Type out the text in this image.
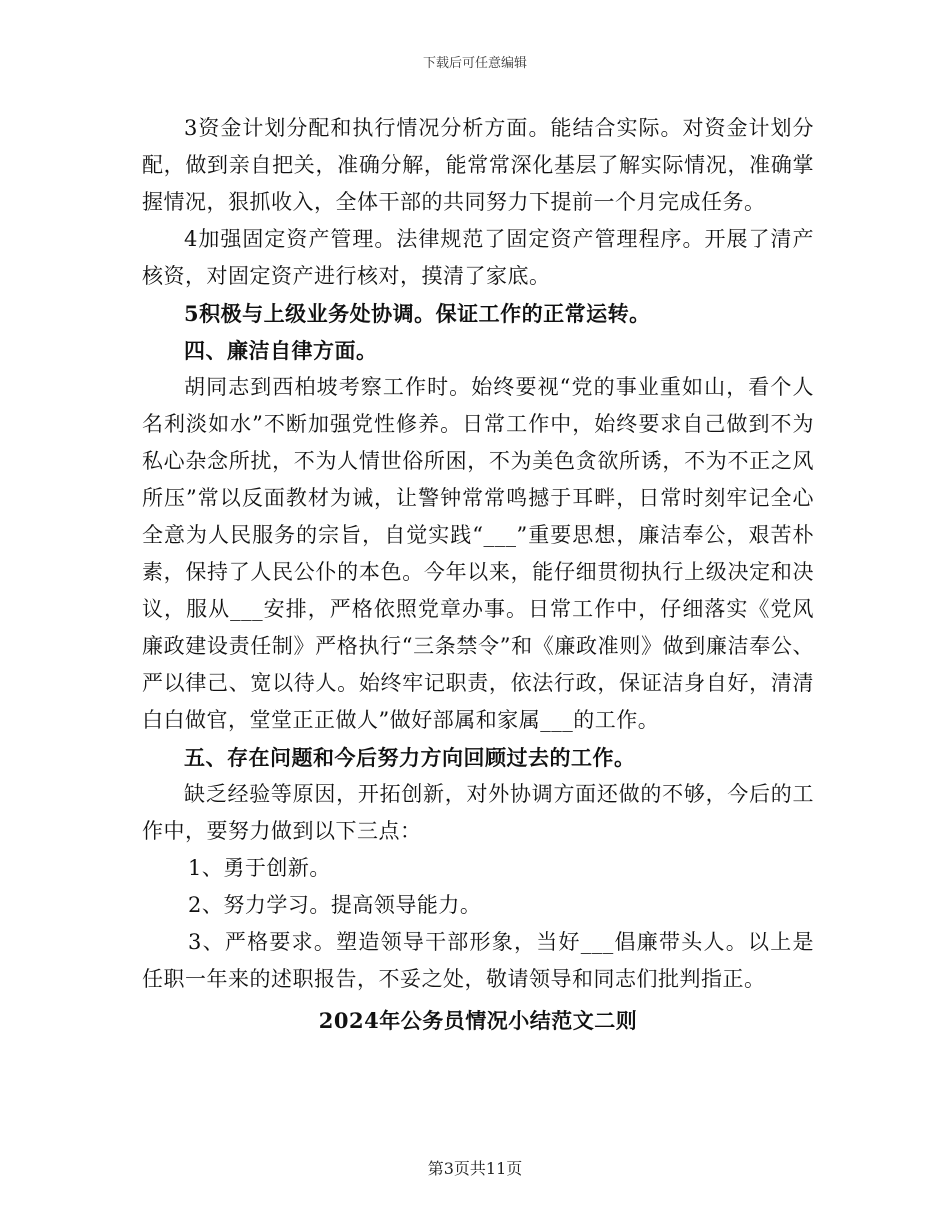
下载后可任意编辑

3资金计划分配和执行情况分析方面。能结合实际。对资金计划分配，做到亲自把关，准确分解，能常常深化基层了解实际情况，准确掌握情况，狠抓收入，全体干部的共同努力下提前一个月完成任务。

4加强固定资产管理。法律规范了固定资产管理程序。开展了清产核资，对固定资产进行核对，摸清了家底。

5积极与上级业务处协调。保证工作的正常运转。

四、廉洁自律方面。

胡同志到西柏坡考察工作时。始终要视“党的事业重如山，看个人名利淡如水”不断加强党性修养。日常工作中，始终要求自己做到不为私心杂念所扰，不为人情世俗所困，不为美色贪欲所诱，不为不正之风所压”常以反面教材为诫，让警钟常常鸣撼于耳畔，日常时刻牢记全心全意为人民服务的宗旨，自觉实践“___”重要思想，廉洁奉公，艰苦朴素，保持了人民公仆的本色。今年以来，能仔细贯彻执行上级决定和决议，服从___安排，严格依照党章办事。日常工作中，仔细落实《党风廉政建设责任制》严格执行“三条禁令”和《廉政准则》做到廉洁奉公、严以律己、宽以待人。始终牢记职责，依法行政，保证洁身自好，清清白白做官，堂堂正正做人”做好部属和家属___的工作。

五、存在问题和今后努力方向回顾过去的工作。

缺乏经验等原因，开拓创新，对外协调方面还做的不够，今后的工作中，要努力做到以下三点：

1、勇于创新。

2、努力学习。提高领导能力。

3、严格要求。塑造领导干部形象，当好___倡廉带头人。以上是任职一年来的述职报告，不妥之处，敬请领导和同志们批判指正。

2024年公务员情况小结范文二则

第3页共11页
